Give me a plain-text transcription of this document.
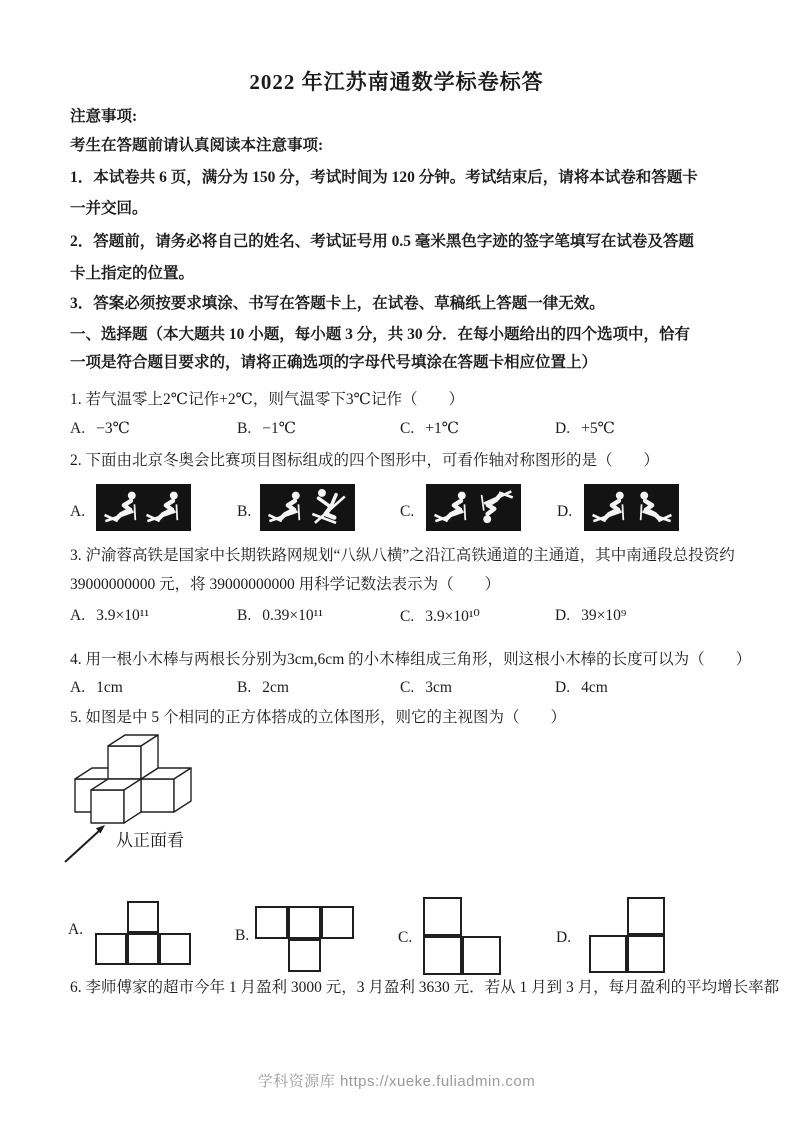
2022 年江苏南通数学标卷标答
注意事项:
考生在答题前请认真阅读本注意事项:
1．本试卷共 6 页，满分为 150 分，考试时间为 120 分钟。考试结束后，请将本试卷和答题卡
一并交回。
2．答题前，请务必将自己的姓名、考试证号用 0.5 毫米黑色字迹的签字笔填写在试卷及答题
卡上指定的位置。
3．答案必须按要求填涂、书写在答题卡上，在试卷、草稿纸上答题一律无效。
一、选择题（本大题共 10 小题，每小题 3 分，共 30 分．在每小题给出的四个选项中，恰有
一项是符合题目要求的，请将正确选项的字母代号填涂在答题卡相应位置上）
1. 若气温零上2℃记作+2℃，则气温零下3℃记作（　　）
A. −3℃	B. −1℃	C. +1℃	D. +5℃
2. 下面由北京冬奥会比赛项目图标组成的四个图形中，可看作轴对称图形的是（　　）
A.	B.	C.	D.
3. 沪渝蓉高铁是国家中长期铁路网规划“八纵八横”之沿江高铁通道的主通道，其中南通段总投资约
39000000000 元，将 39000000000 用科学记数法表示为（　　）
A. 3.9×10¹¹	B. 0.39×10¹¹	C. 3.9×10¹⁰	D. 39×10⁹
4. 用一根小木棒与两根长分别为3cm,6cm 的小木棒组成三角形，则这根小木棒的长度可以为（　　）
A. 1cm	B. 2cm	C. 3cm	D. 4cm
5. 如图是中 5 个相同的正方体搭成的立体图形，则它的主视图为（　　）
从正面看
A.	B.	C.	D.
6. 李师傅家的超市今年 1 月盈利 3000 元，3 月盈利 3630 元．若从 1 月到 3 月，每月盈利的平均增长率都
学科资源库 https://xueke.fuliadmin.com
